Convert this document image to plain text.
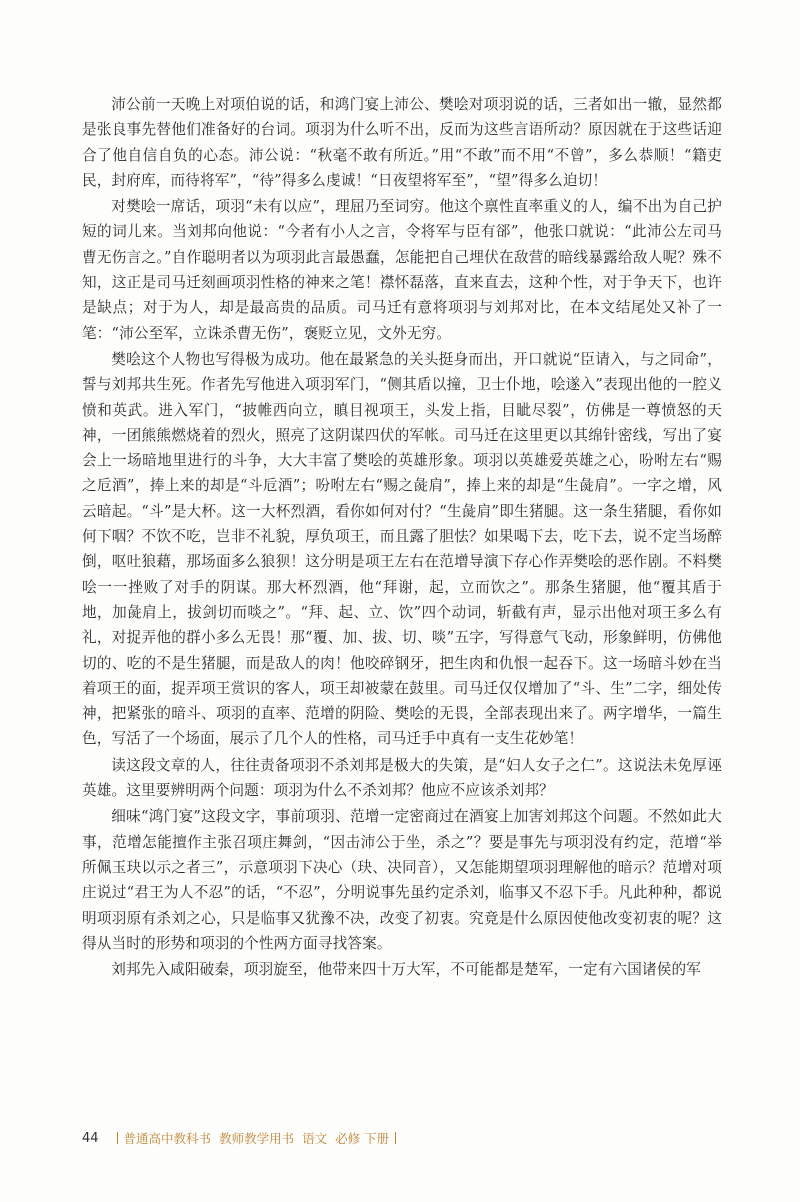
沛公前一天晚上对项伯说的话，和鸿门宴上沛公、樊哙对项羽说的话，三者如出一辙，显然都是张良事先替他们准备好的台词。项羽为什么听不出，反而为这些言语所动？原因就在于这些话迎合了他自信自负的心态。沛公说：“秋毫不敢有所近。”用“不敢”而不用“不曾”，多么恭顺！“籍吏民，封府库，而待将军”，“待”得多么虔诚！“日夜望将军至”，“望”得多么迫切！

对樊哙一席话，项羽“未有以应”，理屈乃至词穷。他这个禀性直率重义的人，编不出为自己护短的词儿来。当刘邦向他说：“今者有小人之言，令将军与臣有郤”，他张口就说：“此沛公左司马曹无伤言之。”自作聪明者以为项羽此言最愚蠢，怎能把自己埋伏在敌营的暗线暴露给敌人呢？殊不知，这正是司马迁刻画项羽性格的神来之笔！襟怀磊落，直来直去，这种个性，对于争天下，也许是缺点；对于为人，却是最高贵的品质。司马迁有意将项羽与刘邦对比，在本文结尾处又补了一笔：“沛公至军，立诛杀曹无伤”，褒贬立见，文外无穷。

樊哙这个人物也写得极为成功。他在最紧急的关头挺身而出，开口就说“臣请入，与之同命”，誓与刘邦共生死。作者先写他进入项羽军门，“侧其盾以撞，卫士仆地，哙遂入”表现出他的一腔义愤和英武。进入军门，“披帷西向立，瞋目视项王，头发上指，目眦尽裂”，仿佛是一尊愤怒的天神，一团熊熊燃烧着的烈火，照亮了这阴谋四伏的军帐。司马迁在这里更以其绵针密线，写出了宴会上一场暗地里进行的斗争，大大丰富了樊哙的英雄形象。项羽以英雄爱英雄之心，吩咐左右“赐之卮酒”，捧上来的却是“斗卮酒”；吩咐左右“赐之彘肩”，捧上来的却是“生彘肩”。一字之增，风云暗起。“斗”是大杯。这一大杯烈酒，看你如何对付？“生彘肩”即生猪腿。这一条生猪腿，看你如何下咽？不饮不吃，岂非不礼貌，厚负项王，而且露了胆怯？如果喝下去，吃下去，说不定当场醉倒，呕吐狼藉，那场面多么狼狈！这分明是项王左右在范增导演下存心作弄樊哙的恶作剧。不料樊哙一一挫败了对手的阴谋。那大杯烈酒，他“拜谢，起，立而饮之”。那条生猪腿，他“覆其盾于地，加彘肩上，拔剑切而啖之”。“拜、起、立、饮”四个动词，斩截有声，显示出他对项王多么有礼，对捉弄他的群小多么无畏！那“覆、加、拔、切、啖”五字，写得意气飞动，形象鲜明，仿佛他切的、吃的不是生猪腿，而是敌人的肉！他咬碎钢牙，把生肉和仇恨一起吞下。这一场暗斗妙在当着项王的面，捉弄项王赏识的客人，项王却被蒙在鼓里。司马迁仅仅增加了“斗、生”二字，细处传神，把紧张的暗斗、项羽的直率、范增的阴险、樊哙的无畏，全部表现出来了。两字增华，一篇生色，写活了一个场面，展示了几个人的性格，司马迁手中真有一支生花妙笔！

读这段文章的人，往往责备项羽不杀刘邦是极大的失策，是“妇人女子之仁”。这说法未免厚诬英雄。这里要辨明两个问题：项羽为什么不杀刘邦？他应不应该杀刘邦？

细味“鸿门宴”这段文字，事前项羽、范增一定密商过在酒宴上加害刘邦这个问题。不然如此大事，范增怎能擅作主张召项庄舞剑，“因击沛公于坐，杀之”？要是事先与项羽没有约定，范增“举所佩玉玦以示之者三”，示意项羽下决心（玦、决同音），又怎能期望项羽理解他的暗示？范增对项庄说过“君王为人不忍”的话，“不忍”，分明说事先虽约定杀刘，临事又不忍下手。凡此种种，都说明项羽原有杀刘之心，只是临事又犹豫不决，改变了初衷。究竟是什么原因使他改变初衷的呢？这得从当时的形势和项羽的个性两方面寻找答案。

刘邦先入咸阳破秦，项羽旋至，他带来四十万大军，不可能都是楚军，一定有六国诸侯的军

44 普通高中教科书 教师教学用书 语文 必修 下册
